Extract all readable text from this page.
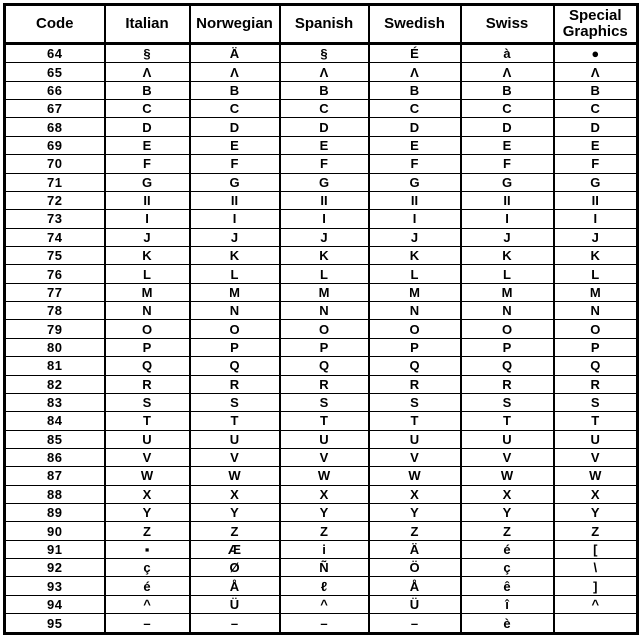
Code	Italian	Norwegian	Spanish	Swedish	Swiss	Special Graphics
64	§	Ä	§	É	à	●
65	Λ	Λ	Λ	Λ	Λ	Λ
66	B	B	B	B	B	B
67	C	C	C	C	C	C
68	D	D	D	D	D	D
69	E	E	E	E	E	E
70	F	F	F	F	F	F
71	G	G	G	G	G	G
72	II	II	II	II	II	II
73	I	I	I	I	I	I
74	J	J	J	J	J	J
75	K	K	K	K	K	K
76	L	L	L	L	L	L
77	M	M	M	M	M	M
78	N	N	N	N	N	N
79	O	O	O	O	O	O
80	P	P	P	P	P	P
81	Q	Q	Q	Q	Q	Q
82	R	R	R	R	R	R
83	S	S	S	S	S	S
84	T	T	T	T	T	T
85	U	U	U	U	U	U
86	V	V	V	V	V	V
87	W	W	W	W	W	W
88	X	X	X	X	X	X
89	Y	Y	Y	Y	Y	Y
90	Z	Z	Z	Z	Z	Z
91	▪	Æ	i	Ä	é	[
92	ç	Ø	Ñ	Ö	ç	\
93	é	Å	ℓ	Å	ê	]
94	^	Ü	^	Ü	î	^
95	–	–	–	–	è	
